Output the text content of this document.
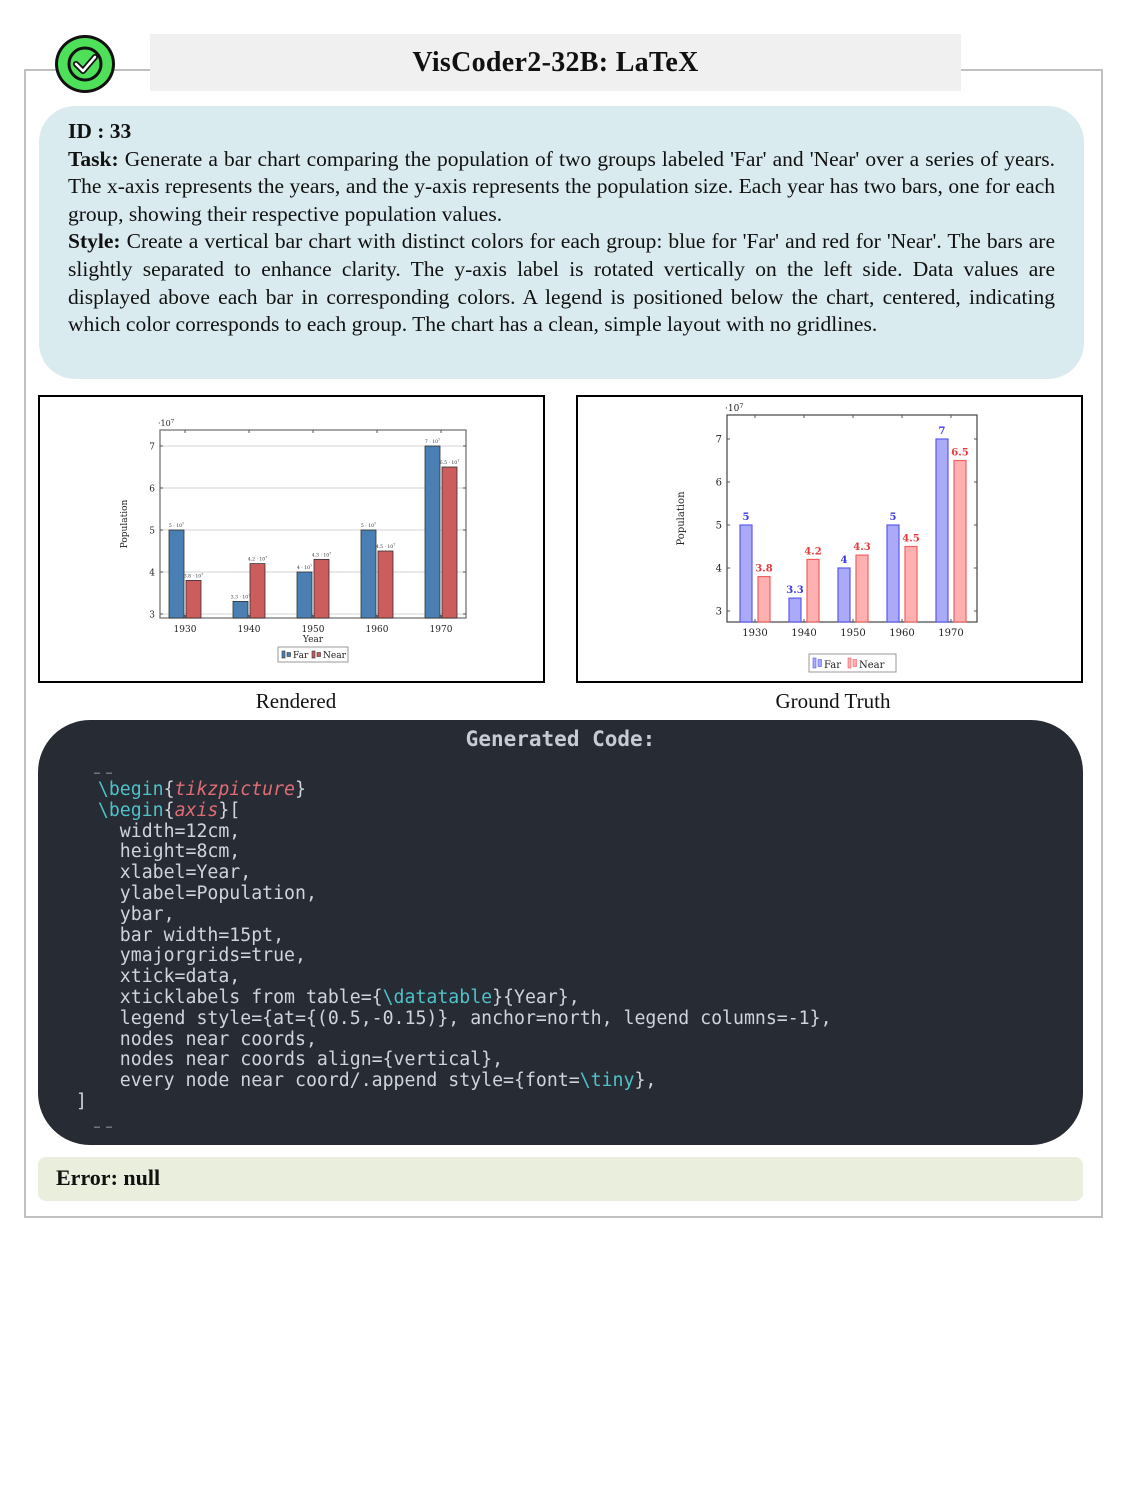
VisCoder2-32B: LaTeX
ID : 33
Task: Generate a bar chart comparing the population of two groups labeled 'Far' and 'Near' over a series of years. The x-axis represents the years, and the y-axis represents the population size. Each year has two bars, one for each group, showing their respective population values.
Style: Create a vertical bar chart with distinct colors for each group: blue for 'Far' and red for 'Near'. The bars are slightly separated to enhance clarity. The y-axis label is rotated vertically on the left side. Data values are displayed above each bar in corresponding colors. A legend is positioned below the chart, centered, indicating which color corresponds to each group. The chart has a clean, simple layout with no gridlines.
3
4
5
6
7
$\cdot 10^7$
Population
1930
$5 \cdot 10^7$
$3.8 \cdot 10^7$
1940
$3.3 \cdot 10^7$
$4.2 \cdot 10^7$
1950
$4 \cdot 10^7$
$4.3 \cdot 10^7$
1960
$5 \cdot 10^7$
$4.5 \cdot 10^7$
1970
$7 \cdot 10^7$
$6.5 \cdot 10^7$
Year
Far Near
Rendered
3
4
5
6
7
$\cdot 10^7$
Population
1930
5
3.8
1940
3.3
4.2
1950
4
4.3
1960
5
4.5
1970
7
6.5
Far Near
Ground Truth
Generated Code:
… …
\begin{tikzpicture}
\begin{axis}[
width=12cm,
height=8cm,
xlabel=Year,
ylabel=Population,
ybar,
bar width=15pt,
ymajorgrids=true,
xtick=data,
xticklabels from table={\datatable}{Year},
legend style={at={(0.5,-0.15)}, anchor=north, legend columns=-1},
nodes near coords,
nodes near coords align={vertical},
every node near coord/.append style={font=\tiny},
]
… …
Error: null
